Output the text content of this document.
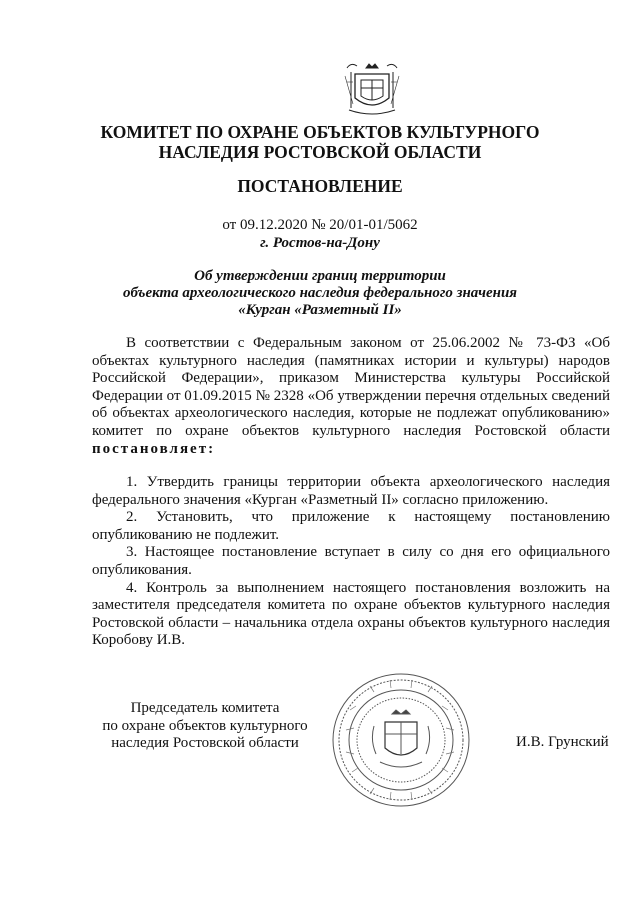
КОМИТЕТ ПО ОХРАНЕ ОБЪЕКТОВ КУЛЬТУРНОГО
НАСЛЕДИЯ РОСТОВСКОЙ ОБЛАСТИ
ПОСТАНОВЛЕНИЕ
от 09.12.2020 № 20/01-01/5062
г. Ростов-на-Дону
Об утверждении границ территории
объекта археологического наследия федерального значения
«Курган «Разметный II»
В соответствии с Федеральным законом от 25.06.2002 № 73-ФЗ «Об объектах культурного наследия (памятниках истории и культуры) народов Российской Федерации», приказом Министерства культуры Российской Федерации от 01.09.2015 № 2328 «Об утверждении перечня отдельных сведений об объектах археологического наследия, которые не подлежат опубликованию» комитет по охране объектов культурного наследия Ростовской области постановляет:

1. Утвердить границы территории объекта археологического наследия федерального значения «Курган «Разметный II» согласно приложению.

2. Установить, что приложение к настоящему постановлению опубликованию не подлежит.

3. Настоящее постановление вступает в силу со дня его официального опубликования.

4. Контроль за выполнением настоящего постановления возложить на заместителя председателя комитета по охране объектов культурного наследия Ростовской области – начальника отдела охраны объектов культурного наследия Коробову И.В.

Председатель комитета
по охране объектов культурного
наследия Ростовской области	И.В. Грунский
